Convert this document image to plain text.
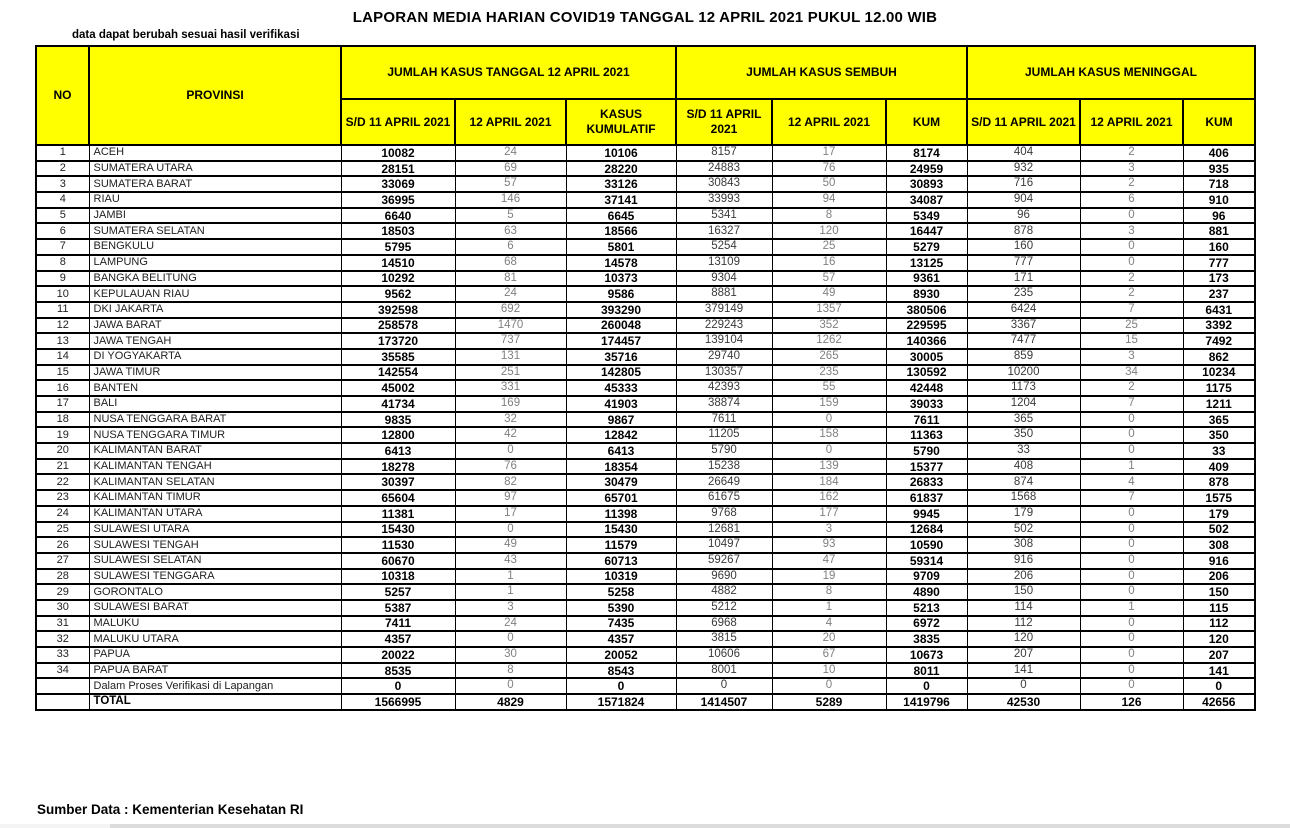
LAPORAN MEDIA HARIAN COVID19 TANGGAL 12 APRIL 2021 PUKUL 12.00 WIB
data dapat berubah sesuai hasil verifikasi
NO	PROVINSI	JUMLAH KASUS TANGGAL 12 APRIL 2021			JUMLAH KASUS SEMBUH			JUMLAH KASUS MENINGGAL		
		S/D 11 APRIL 2021	12 APRIL 2021	KASUS KUMULATIF	S/D 11 APRIL 2021	12 APRIL 2021	KUM	S/D 11 APRIL 2021	12 APRIL 2021	KUM
1	ACEH	10082	24	10106	8157	17	8174	404	2	406
2	SUMATERA UTARA	28151	69	28220	24883	76	24959	932	3	935
3	SUMATERA BARAT	33069	57	33126	30843	50	30893	716	2	718
4	RIAU	36995	146	37141	33993	94	34087	904	6	910
5	JAMBI	6640	5	6645	5341	8	5349	96	0	96
6	SUMATERA SELATAN	18503	63	18566	16327	120	16447	878	3	881
7	BENGKULU	5795	6	5801	5254	25	5279	160	0	160
8	LAMPUNG	14510	68	14578	13109	16	13125	777	0	777
9	BANGKA BELITUNG	10292	81	10373	9304	57	9361	171	2	173
10	KEPULAUAN RIAU	9562	24	9586	8881	49	8930	235	2	237
11	DKI JAKARTA	392598	692	393290	379149	1357	380506	6424	7	6431
12	JAWA BARAT	258578	1470	260048	229243	352	229595	3367	25	3392
13	JAWA TENGAH	173720	737	174457	139104	1262	140366	7477	15	7492
14	DI YOGYAKARTA	35585	131	35716	29740	265	30005	859	3	862
15	JAWA TIMUR	142554	251	142805	130357	235	130592	10200	34	10234
16	BANTEN	45002	331	45333	42393	55	42448	1173	2	1175
17	BALI	41734	169	41903	38874	159	39033	1204	7	1211
18	NUSA TENGGARA BARAT	9835	32	9867	7611	0	7611	365	0	365
19	NUSA TENGGARA TIMUR	12800	42	12842	11205	158	11363	350	0	350
20	KALIMANTAN BARAT	6413	0	6413	5790	0	5790	33	0	33
21	KALIMANTAN TENGAH	18278	76	18354	15238	139	15377	408	1	409
22	KALIMANTAN SELATAN	30397	82	30479	26649	184	26833	874	4	878
23	KALIMANTAN TIMUR	65604	97	65701	61675	162	61837	1568	7	1575
24	KALIMANTAN UTARA	11381	17	11398	9768	177	9945	179	0	179
25	SULAWESI UTARA	15430	0	15430	12681	3	12684	502	0	502
26	SULAWESI TENGAH	11530	49	11579	10497	93	10590	308	0	308
27	SULAWESI SELATAN	60670	43	60713	59267	47	59314	916	0	916
28	SULAWESI TENGGARA	10318	1	10319	9690	19	9709	206	0	206
29	GORONTALO	5257	1	5258	4882	8	4890	150	0	150
30	SULAWESI BARAT	5387	3	5390	5212	1	5213	114	1	115
31	MALUKU	7411	24	7435	6968	4	6972	112	0	112
32	MALUKU UTARA	4357	0	4357	3815	20	3835	120	0	120
33	PAPUA	20022	30	20052	10606	67	10673	207	0	207
34	PAPUA BARAT	8535	8	8543	8001	10	8011	141	0	141
	Dalam Proses Verifikasi di Lapangan	0	0	0	0	0	0	0	0	0
	TOTAL	1566995	4829	1571824	1414507	5289	1419796	42530	126	42656
Sumber Data : Kementerian Kesehatan RI
